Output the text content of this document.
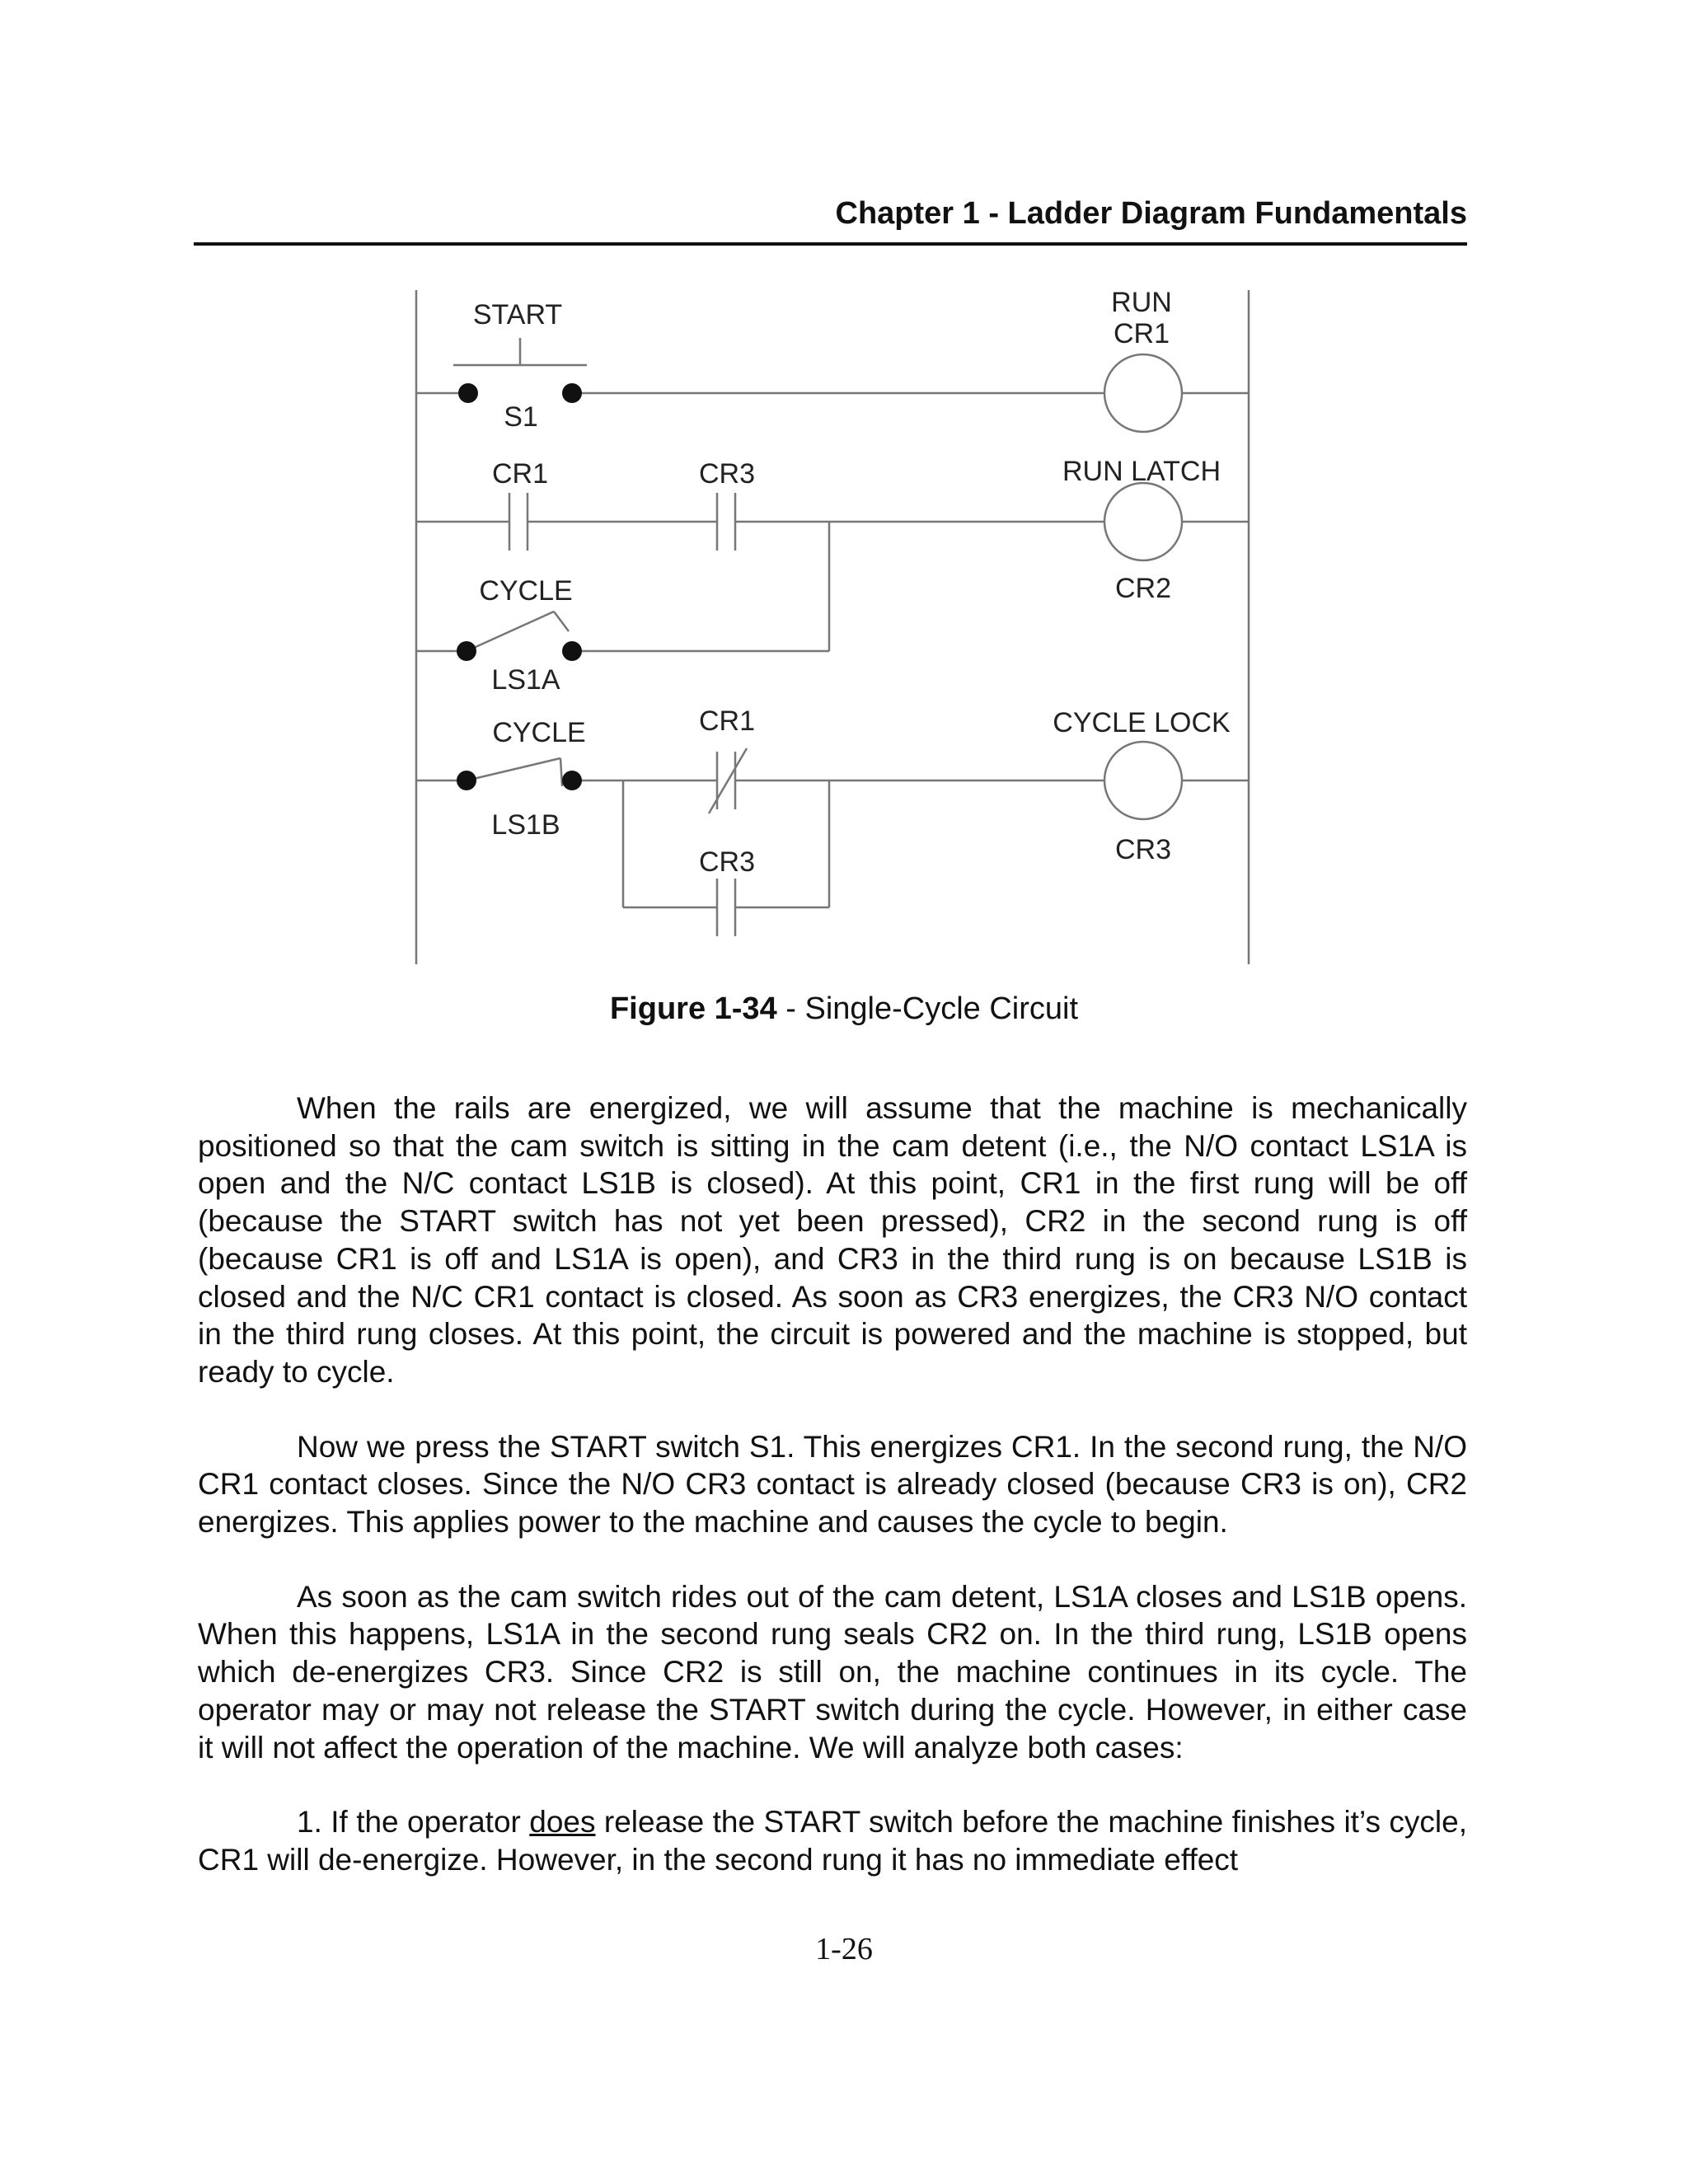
Chapter 1 - Ladder Diagram Fundamentals
START
S1
RUN
CR1
CR1	CR3	RUN LATCH
CR2
CYCLE
LS1A
CYCLE
LS1B
CR1
CR3
CYCLE LOCK
CR3
Figure 1-34 - Single-Cycle Circuit

When the rails are energized, we will assume that the machine is mechanically positioned so that the cam switch is sitting in the cam detent (i.e., the N/O contact LS1A is open and the N/C contact LS1B is closed). At this point, CR1 in the first rung will be off (because the START switch has not yet been pressed), CR2 in the second rung is off (because CR1 is off and LS1A is open), and CR3 in the third rung is on because LS1B is closed and the N/C CR1 contact is closed. As soon as CR3 energizes, the CR3 N/O contact in the third rung closes. At this point, the circuit is powered and the machine is stopped, but ready to cycle.

Now we press the START switch S1. This energizes CR1. In the second rung, the N/O CR1 contact closes. Since the N/O CR3 contact is already closed (because CR3 is on), CR2 energizes. This applies power to the machine and causes the cycle to begin.

As soon as the cam switch rides out of the cam detent, LS1A closes and LS1B opens. When this happens, LS1A in the second rung seals CR2 on. In the third rung, LS1B opens which de-energizes CR3. Since CR2 is still on, the machine continues in its cycle. The operator may or may not release the START switch during the cycle. However, in either case it will not affect the operation of the machine. We will analyze both cases:

1. If the operator does release the START switch before the machine finishes it’s cycle, CR1 will de-energize. However, in the second rung it has no immediate effect

1-26
